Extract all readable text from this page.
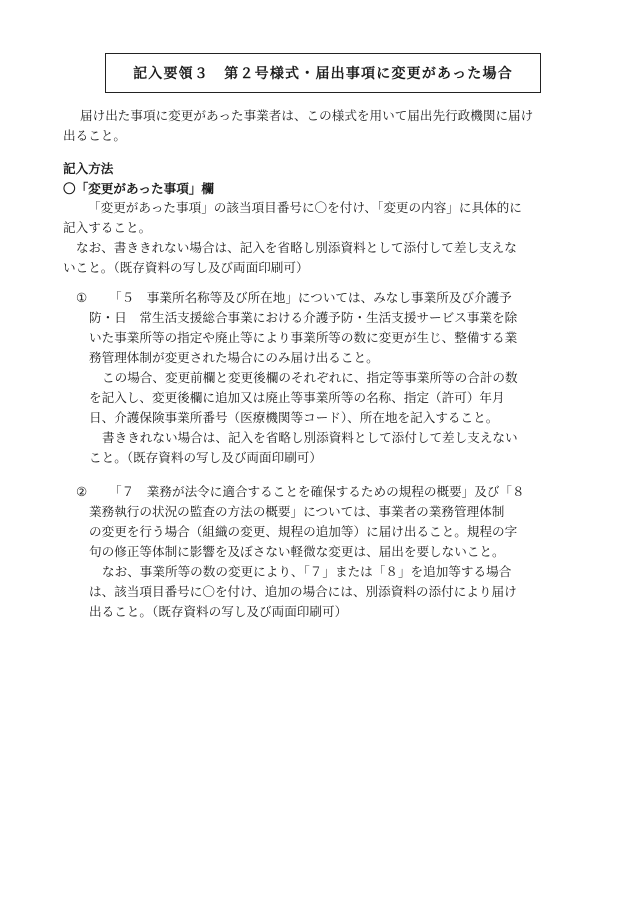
記入要領３　第２号様式・届出事項に変更があった場合
届け出た事項に変更があった事業者は、この様式を用いて届出先行政機関に届け
出ること。
記入方法
〇「変更があった事項」欄
「変更があった事項」の該当項目番号に〇を付け、「変更の内容」に具体的に
記入すること。
なお、書ききれない場合は、記入を省略し別添資料として添付して差し支えな
いこと。（既存資料の写し及び両面印刷可）
① 「５　事業所名称等及び所在地」については、みなし事業所及び介護予
防・日　常生活支援総合事業における介護予防・生活支援サービス事業を除
いた事業所等の指定や廃止等により事業所等の数に変更が生じ、整備する業
務管理体制が変更された場合にのみ届け出ること。
この場合、変更前欄と変更後欄のそれぞれに、指定等事業所等の合計の数
を記入し、変更後欄に追加又は廃止等事業所等の名称、指定（許可）年月
日、介護保険事業所番号（医療機関等コード）、所在地を記入すること。
書ききれない場合は、記入を省略し別添資料として添付して差し支えない
こと。（既存資料の写し及び両面印刷可）
② 「７　業務が法令に適合することを確保するための規程の概要」及び「８
業務執行の状況の監査の方法の概要」については、事業者の業務管理体制
の変更を行う場合（組織の変更、規程の追加等）に届け出ること。規程の字
句の修正等体制に影響を及ぼさない軽微な変更は、届出を要しないこと。
なお、事業所等の数の変更により、「７」または「８」を追加等する場合
は、該当項目番号に〇を付け、追加の場合には、別添資料の添付により届け
出ること。（既存資料の写し及び両面印刷可）
